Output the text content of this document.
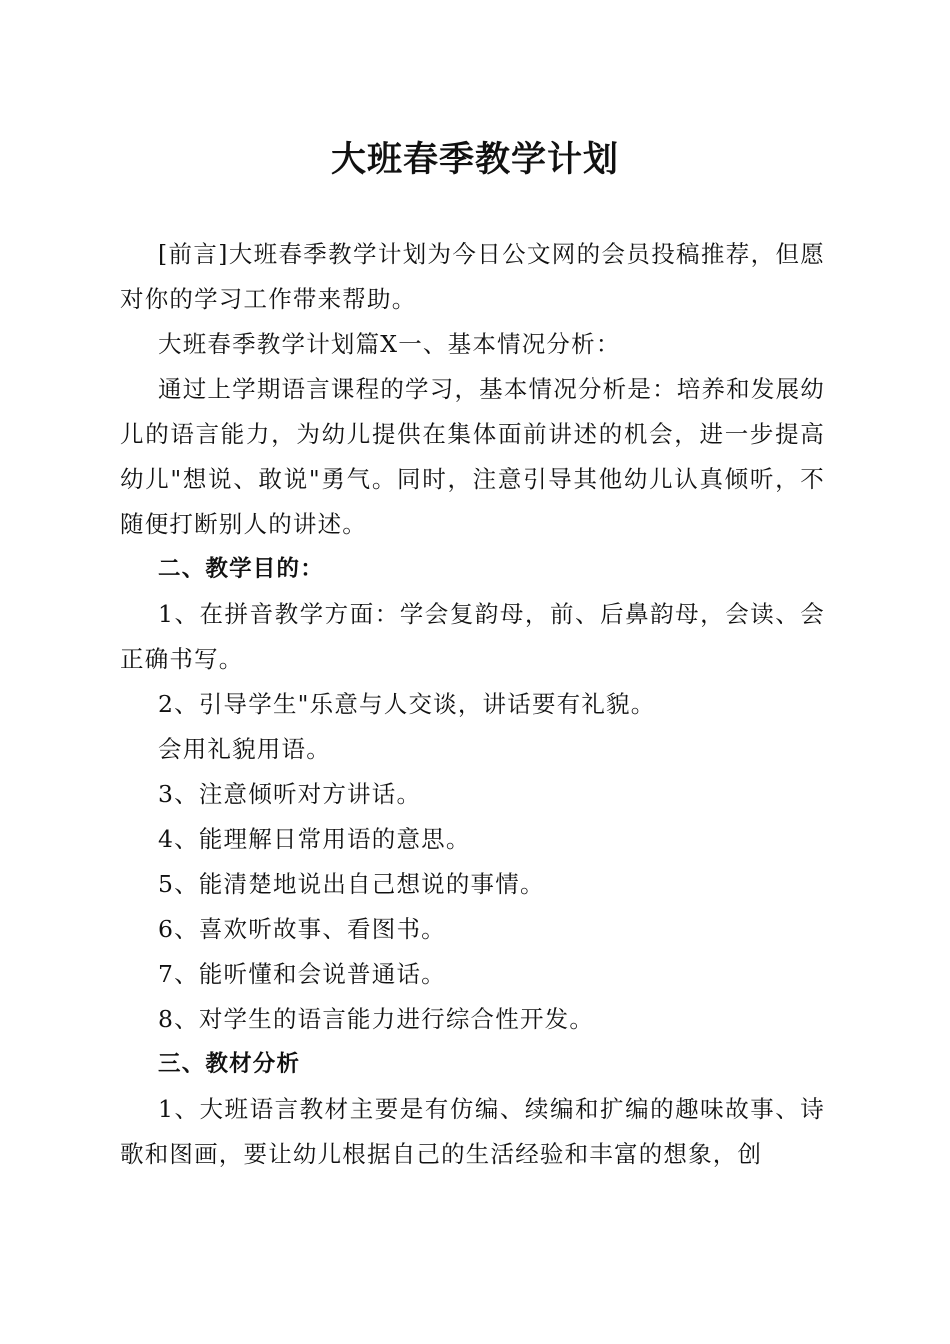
大班春季教学计划

[前言]大班春季教学计划为今日公文网的会员投稿推荐，但愿对你的学习工作带来帮助。

大班春季教学计划篇X一、基本情况分析：

通过上学期语言课程的学习，基本情况分析是：培养和发展幼儿的语言能力，为幼儿提供在集体面前讲述的机会，进一步提高幼儿"想说、敢说"勇气。同时，注意引导其他幼儿认真倾听，不随便打断别人的讲述。

二、教学目的：

1、在拼音教学方面：学会复韵母，前、后鼻韵母，会读、会正确书写。

2、引导学生"乐意与人交谈，讲话要有礼貌。

会用礼貌用语。

3、注意倾听对方讲话。

4、能理解日常用语的意思。

5、能清楚地说出自己想说的事情。

6、喜欢听故事、看图书。

7、能听懂和会说普通话。

8、对学生的语言能力进行综合性开发。

三、教材分析

1、大班语言教材主要是有仿编、续编和扩编的趣味故事、诗歌和图画，要让幼儿根据自己的生活经验和丰富的想象，创
